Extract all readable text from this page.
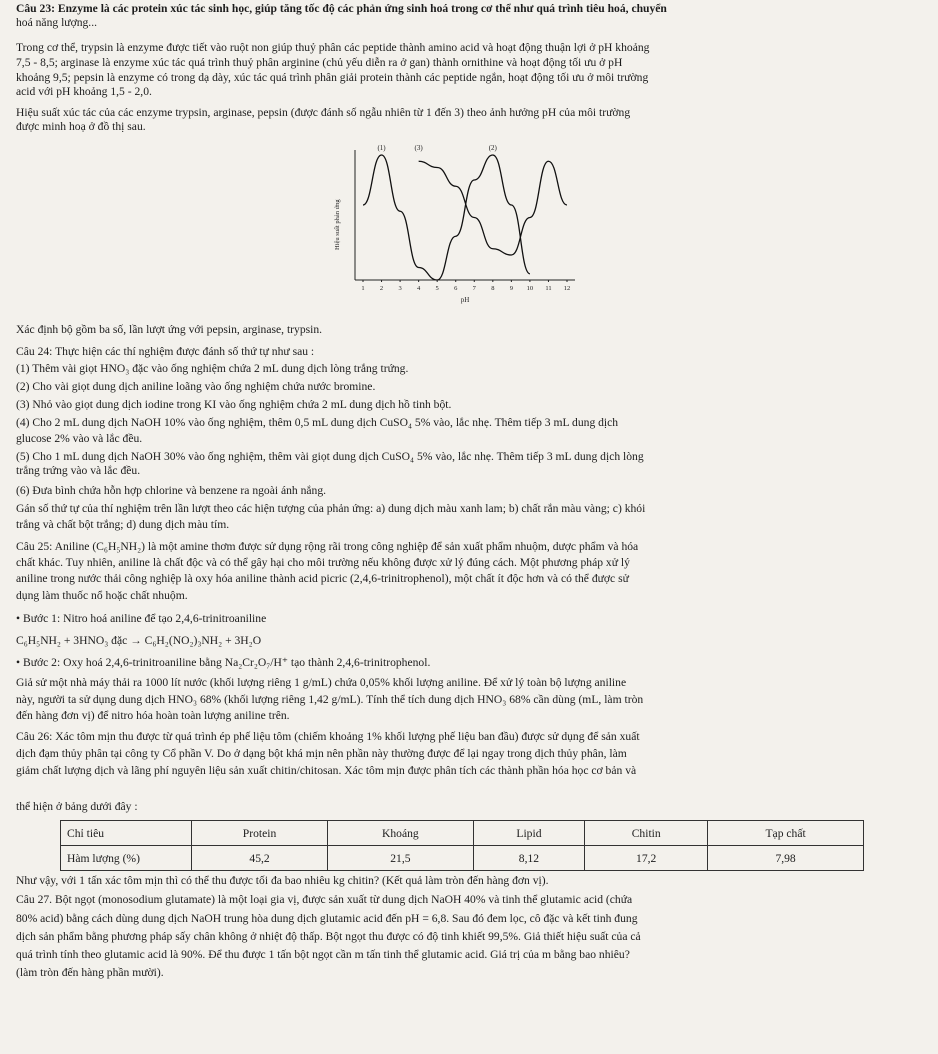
Câu 23: Enzyme là các protein xúc tác sinh học, giúp tăng tốc độ các phản ứng sinh hoá trong cơ thể như quá trình tiêu hoá, chuyển
hoá năng lượng...
Trong cơ thể, trypsin là enzyme được tiết vào ruột non giúp thuỷ phân các peptide thành amino acid và hoạt động thuận lợi ở pH khoảng
7,5 - 8,5; arginase là enzyme xúc tác quá trình thuỷ phân arginine (chủ yếu diễn ra ở gan) thành ornithine và hoạt động tối ưu ở pH
khoảng 9,5; pepsin là enzyme có trong dạ dày, xúc tác quá trình phân giải protein thành các peptide ngắn, hoạt động tối ưu ở môi trường
acid với pH khoảng 1,5 - 2,0.
Hiệu suất xúc tác của các enzyme trypsin, arginase, pepsin (được đánh số ngẫu nhiên từ 1 đến 3) theo ảnh hưởng pH của môi trường
được minh hoạ ở đồ thị sau.
Hiệu suất phản ứng
pH
1 2 3 4 5 6 7 8 9 10 11 12
(1)	(2)
(3)
Xác định bộ gồm ba số, lần lượt ứng với pepsin, arginase, trypsin.
Câu 24: Thực hiện các thí nghiệm được đánh số thứ tự như sau :
(1) Thêm vài giọt HNO₃ đặc vào ống nghiệm chứa 2 mL dung dịch lòng trắng trứng.
(2) Cho vài giọt dung dịch aniline loãng vào ống nghiệm chứa nước bromine.
(3) Nhỏ vào giọt dung dịch iodine trong KI vào ống nghiệm chứa 2 mL dung dịch hồ tinh bột.
(4) Cho 2 mL dung dịch NaOH 10% vào ống nghiệm, thêm 0,5 mL dung dịch CuSO₄ 5% vào, lắc nhẹ. Thêm tiếp 3 mL dung dịch
glucose 2% vào và lắc đều.
(5) Cho 1 mL dung dịch NaOH 30% vào ống nghiệm, thêm vài giọt dung dịch CuSO₄ 5% vào, lắc nhẹ. Thêm tiếp 3 mL dung dịch lòng
trắng trứng vào và lắc đều.
(6) Đưa bình chứa hỗn hợp chlorine và benzene ra ngoài ánh nắng.
Gán số thứ tự của thí nghiệm trên lần lượt theo các hiện tượng của phản ứng: a) dung dịch màu xanh lam; b) chất rắn màu vàng; c) khói
trắng và chất bột trắng; d) dung dịch màu tím.
Câu 25: Aniline (C₆H₅NH₂) là một amine thơm được sử dụng rộng rãi trong công nghiệp để sản xuất phẩm nhuộm, dược phẩm và hóa
chất khác. Tuy nhiên, aniline là chất độc và có thể gây hại cho môi trường nếu không được xử lý đúng cách. Một phương pháp xử lý
aniline trong nước thải công nghiệp là oxy hóa aniline thành acid picric (2,4,6-trinitrophenol), một chất ít độc hơn và có thể được sử
dụng làm thuốc nổ hoặc chất nhuộm.
• Bước 1: Nitro hoá aniline để tạo 2,4,6-trinitroaniline
C₆H₅NH₂ + 3HNO₃ đặc → C₆H₂(NO₂)₃NH₂ + 3H₂O
• Bước 2: Oxy hoá 2,4,6-trinitroaniline bằng Na₂Cr₂O₇/H⁺ tạo thành 2,4,6-trinitrophenol.
Giả sử một nhà máy thải ra 1000 lít nước (khối lượng riêng 1 g/mL) chứa 0,05% khối lượng aniline. Để xử lý toàn bộ lượng aniline
này, người ta sử dụng dung dịch HNO₃ 68% (khối lượng riêng 1,42 g/mL). Tính thể tích dung dịch HNO₃ 68% cần dùng (mL, làm tròn
đến hàng đơn vị) để nitro hóa hoàn toàn lượng aniline trên.
Câu 26: Xác tôm mịn thu được từ quá trình ép phế liệu tôm (chiếm khoảng 1% khối lượng phế liệu ban đầu) được sử dụng để sản xuất
dịch đạm thủy phân tại công ty Cổ phần V. Do ở dạng bột khá mịn nên phần này thường được để lại ngay trong dịch thủy phân, làm
giảm chất lượng dịch và lãng phí nguyên liệu sản xuất chitin/chitosan. Xác tôm mịn được phân tích các thành phần hóa học cơ bản và
thể hiện ở bảng dưới đây :
Chỉ tiêu	Protein	Khoáng	Lipid	Chitin	Tạp chất
Hàm lượng (%)	45,2	21,5	8,12	17,2	7,98
Như vậy, với 1 tấn xác tôm mịn thì có thể thu được tối đa bao nhiêu kg chitin? (Kết quả làm tròn đến hàng đơn vị).
Câu 27. Bột ngọt (monosodium glutamate) là một loại gia vị, được sản xuất từ dung dịch NaOH 40% và tinh thể glutamic acid (chứa
80% acid) bằng cách dùng dung dịch NaOH trung hòa dung dịch glutamic acid đến pH = 6,8. Sau đó đem lọc, cô đặc và kết tinh đung
dịch sản phẩm bằng phương pháp sấy chân không ở nhiệt độ thấp. Bột ngọt thu được có độ tinh khiết 99,5%. Giả thiết hiệu suất của cả
quá trình tính theo glutamic acid là 90%. Để thu được 1 tấn bột ngọt cần m tấn tinh thể glutamic acid. Giá trị của m bằng bao nhiêu?
(làm tròn đến hàng phần mười).
